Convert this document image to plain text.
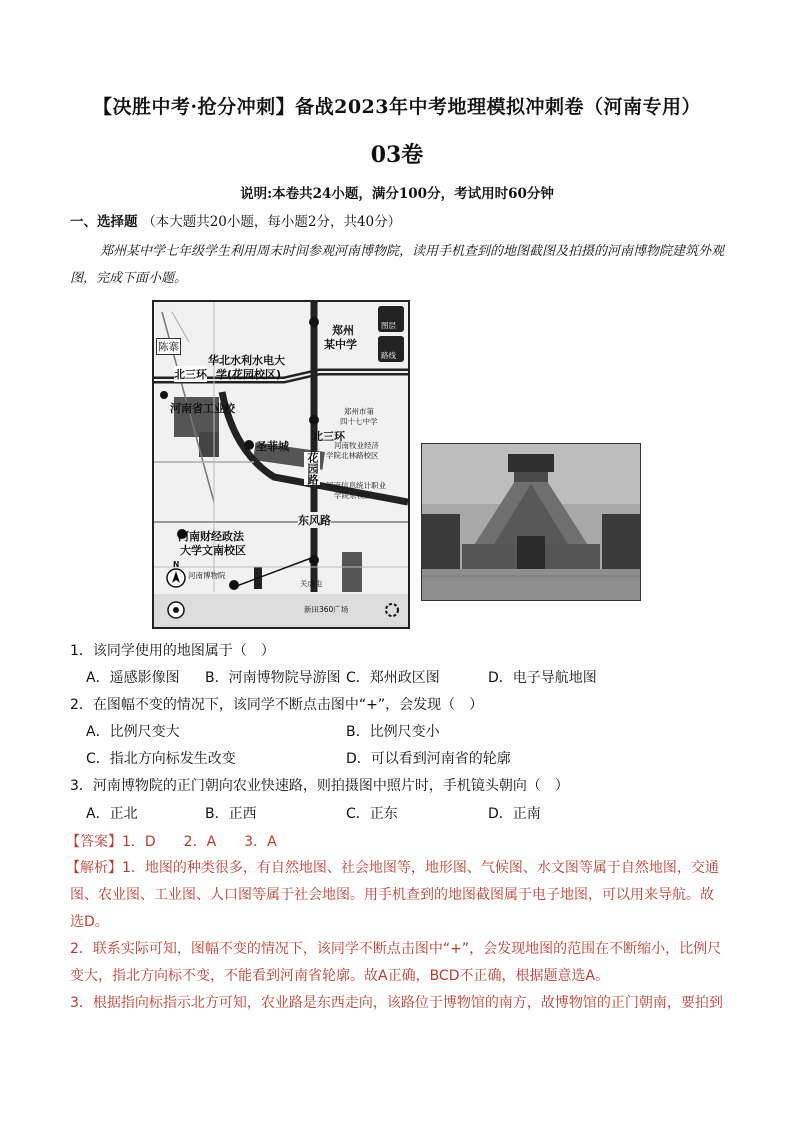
【决胜中考·抢分冲刺】备战2023年中考地理模拟冲刺卷（河南专用）
03卷
说明:本卷共24小题，满分100分，考试用时60分钟
一、选择题 （本大题共20小题，每小题2分，共40分）
郑州某中学七年级学生利用周末时间参观河南博物院，读用手机查到的地图截图及拍摄的河南博物院建筑外观图，完成下面小题。
图层
路线
陈寨
郑州
某中学
华北水利水电大
学(花园校区)
北三环
河南省工业 校
圣菲城
北三环
郑州市第
四十七中学
河南牧业经济
学院北林路校区
河南信息统计职业
学院东校区
花园路
东风路
河南财经政法
大学文南校区
河南博物院
关虎屯
新田360广场
N
1．该同学使用的地图属于（　）
A．遥感影像图 B．河南博物院导游图 C．郑州政区图	D．电子导航地图
2．在图幅不变的情况下，该同学不断点击图中“+”，会发现（　）
A．比例尺变大	B．比例尺变小
C．指北方向标发生改变	D．可以看到河南省的轮廓
3．河南博物院的正门朝向农业快速路，则拍摄图中照片时，手机镜头朝向（　）
A．正北	B．正西	C．正东	D．正南
【答案】1．D　　2．A　　3．A
【解析】1．地图的种类很多，有自然地图、社会地图等，地形图、气候图、水文图等属于自然地图，交通图、农业图、工业图、人口图等属于社会地图。用手机查到的地图截图属于电子地图，可以用来导航。故选D。
2．联系实际可知，图幅不变的情况下，该同学不断点击图中“+”，会发现地图的范围在不断缩小，比例尺变大，指北方向标不变，不能看到河南省轮廓。故A正确，BCD不正确，根据题意选A。
3．根据指向标指示北方可知，农业路是东西走向，该路位于博物馆的南方，故博物馆的正门朝南，要拍到
